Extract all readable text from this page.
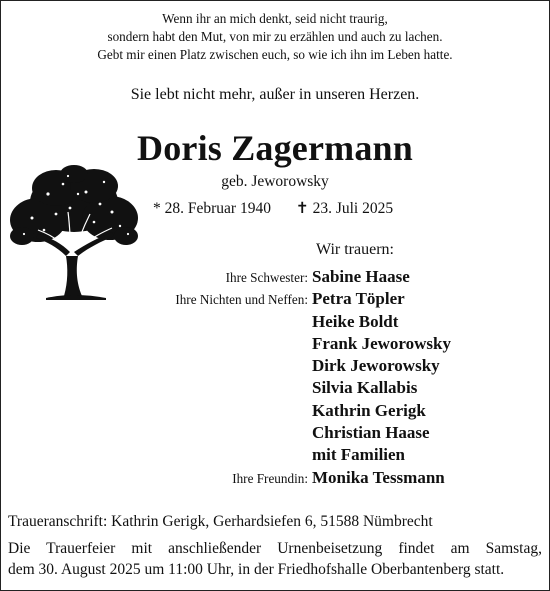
Wenn ihr an mich denkt, seid nicht traurig,
sondern habt den Mut, von mir zu erzählen und auch zu lachen.
Gebt mir einen Platz zwischen euch, so wie ich ihn im Leben hatte.
Sie lebt nicht mehr, außer in unseren Herzen.
Doris Zagermann
geb. Jeworowsky
* 28. Februar 1940 ✝ 23. Juli 2025
Wir trauern:
Ihre Schwester: Sabine Haase
Ihre Nichten und Neffen: Petra Töpler
Heike Boldt
Frank Jeworowsky
Dirk Jeworowsky
Silvia Kallabis
Kathrin Gerigk
Christian Haase
mit Familien
Ihre Freundin: Monika Tessmann
Traueranschrift: Kathrin Gerigk, Gerhardsiefen 6, 51588 Nümbrecht
Die Trauerfeier mit anschließender Urnenbeisetzung findet am Samstag,
dem 30. August 2025 um 11:00 Uhr, in der Friedhofshalle Oberbantenberg statt.
